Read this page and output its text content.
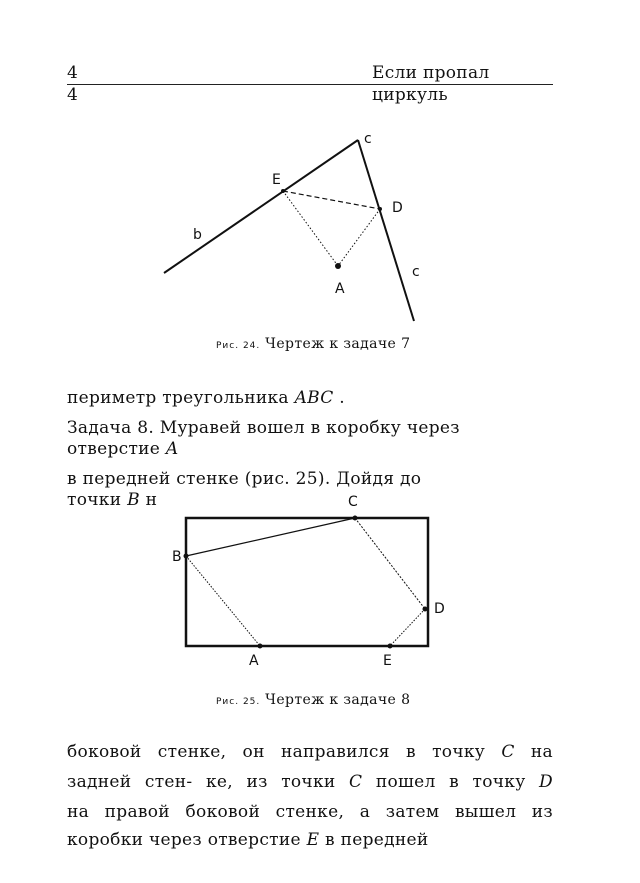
4
4
Если пропал
циркуль
c
E
D
b
A
c
Рис. 24. Чертеж к задаче 7
периметр треугольника ABC .
Задача 8. Муравей вошел в коробку через
отверстие A
в передней стенке (рис. 25). Дойдя до
точки B н
B
C
D
A	E
Рис. 25. Чертеж к задаче 8
боковой стенке, он направился в точку C на
задней стен- ке, из точки C пошел в точку D
на правой боковой стенке, а затем вышел из
коробки через отверстие E в передней
